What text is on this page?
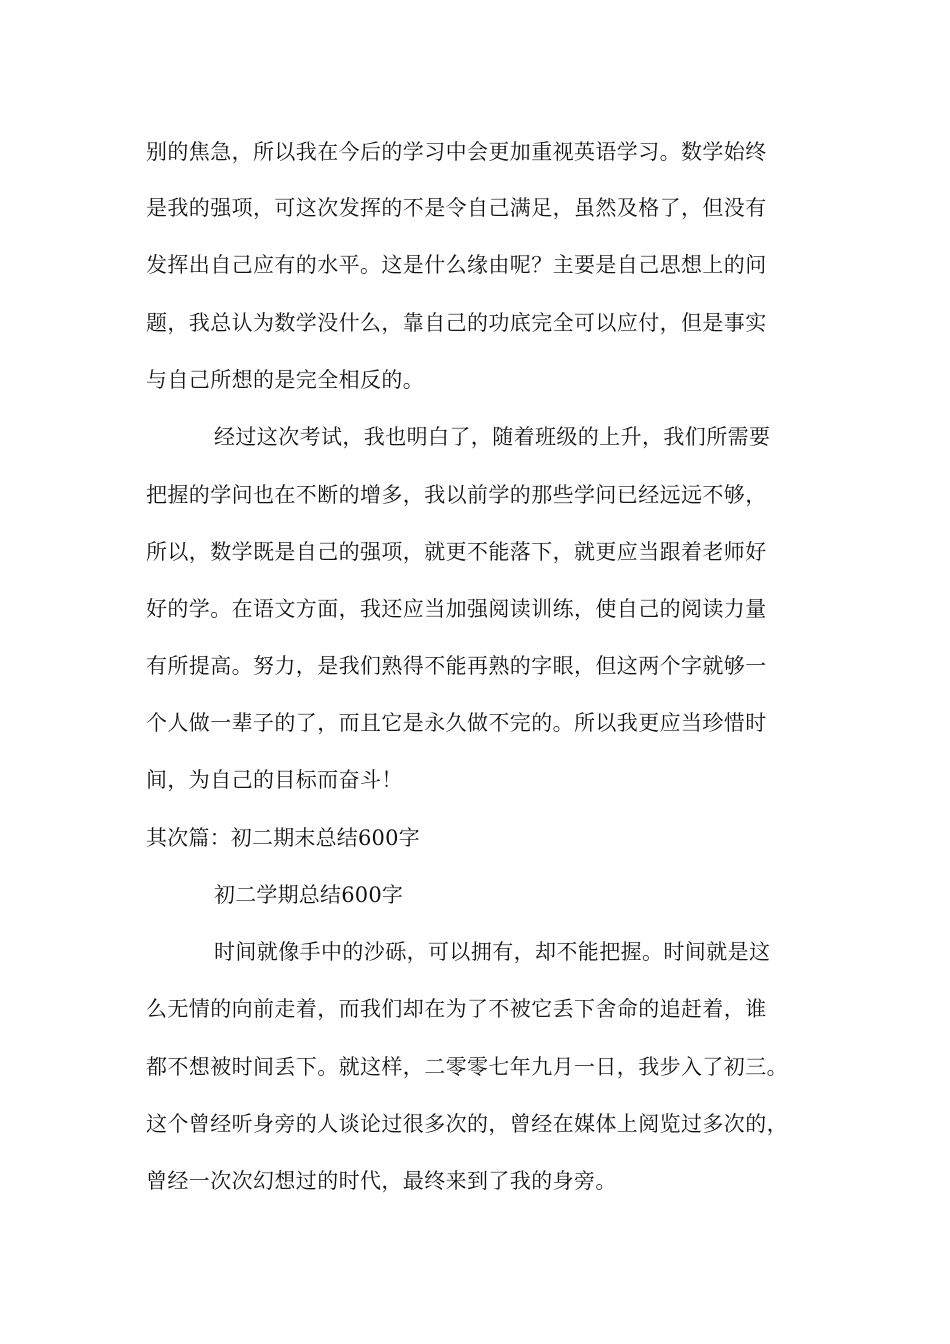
别的焦急，所以我在今后的学习中会更加重视英语学习。数学始终
是我的强项，可这次发挥的不是令自己满足，虽然及格了，但没有
发挥出自己应有的水平。这是什么缘由呢？主要是自己思想上的问
题，我总认为数学没什么，靠自己的功底完全可以应付，但是事实
与自己所想的是完全相反的。
经过这次考试，我也明白了，随着班级的上升，我们所需要
把握的学问也在不断的增多，我以前学的那些学问已经远远不够，
所以，数学既是自己的强项，就更不能落下，就更应当跟着老师好
好的学。在语文方面，我还应当加强阅读训练，使自己的阅读力量
有所提高。努力，是我们熟得不能再熟的字眼，但这两个字就够一
个人做一辈子的了，而且它是永久做不完的。所以我更应当珍惜时
间，为自己的目标而奋斗！
其次篇：初二期末总结600字
初二学期总结600字
时间就像手中的沙砾，可以拥有，却不能把握。时间就是这
么无情的向前走着，而我们却在为了不被它丢下舍命的追赶着，谁
都不想被时间丢下。就这样，二零零七年九月一日，我步入了初三。
这个曾经听身旁的人谈论过很多次的，曾经在媒体上阅览过多次的，
曾经一次次幻想过的时代，最终来到了我的身旁。
